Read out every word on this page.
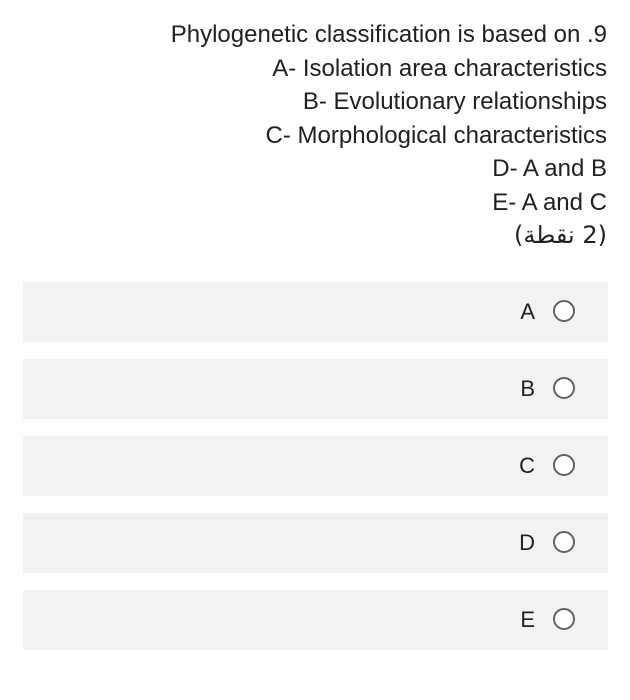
Phylogenetic classification is based on .9
A- Isolation area characteristics
B- Evolutionary relationships
C- Morphological characteristics
D- A and B
E- A and C
(2 نقطة)
A
B
C
D
E
